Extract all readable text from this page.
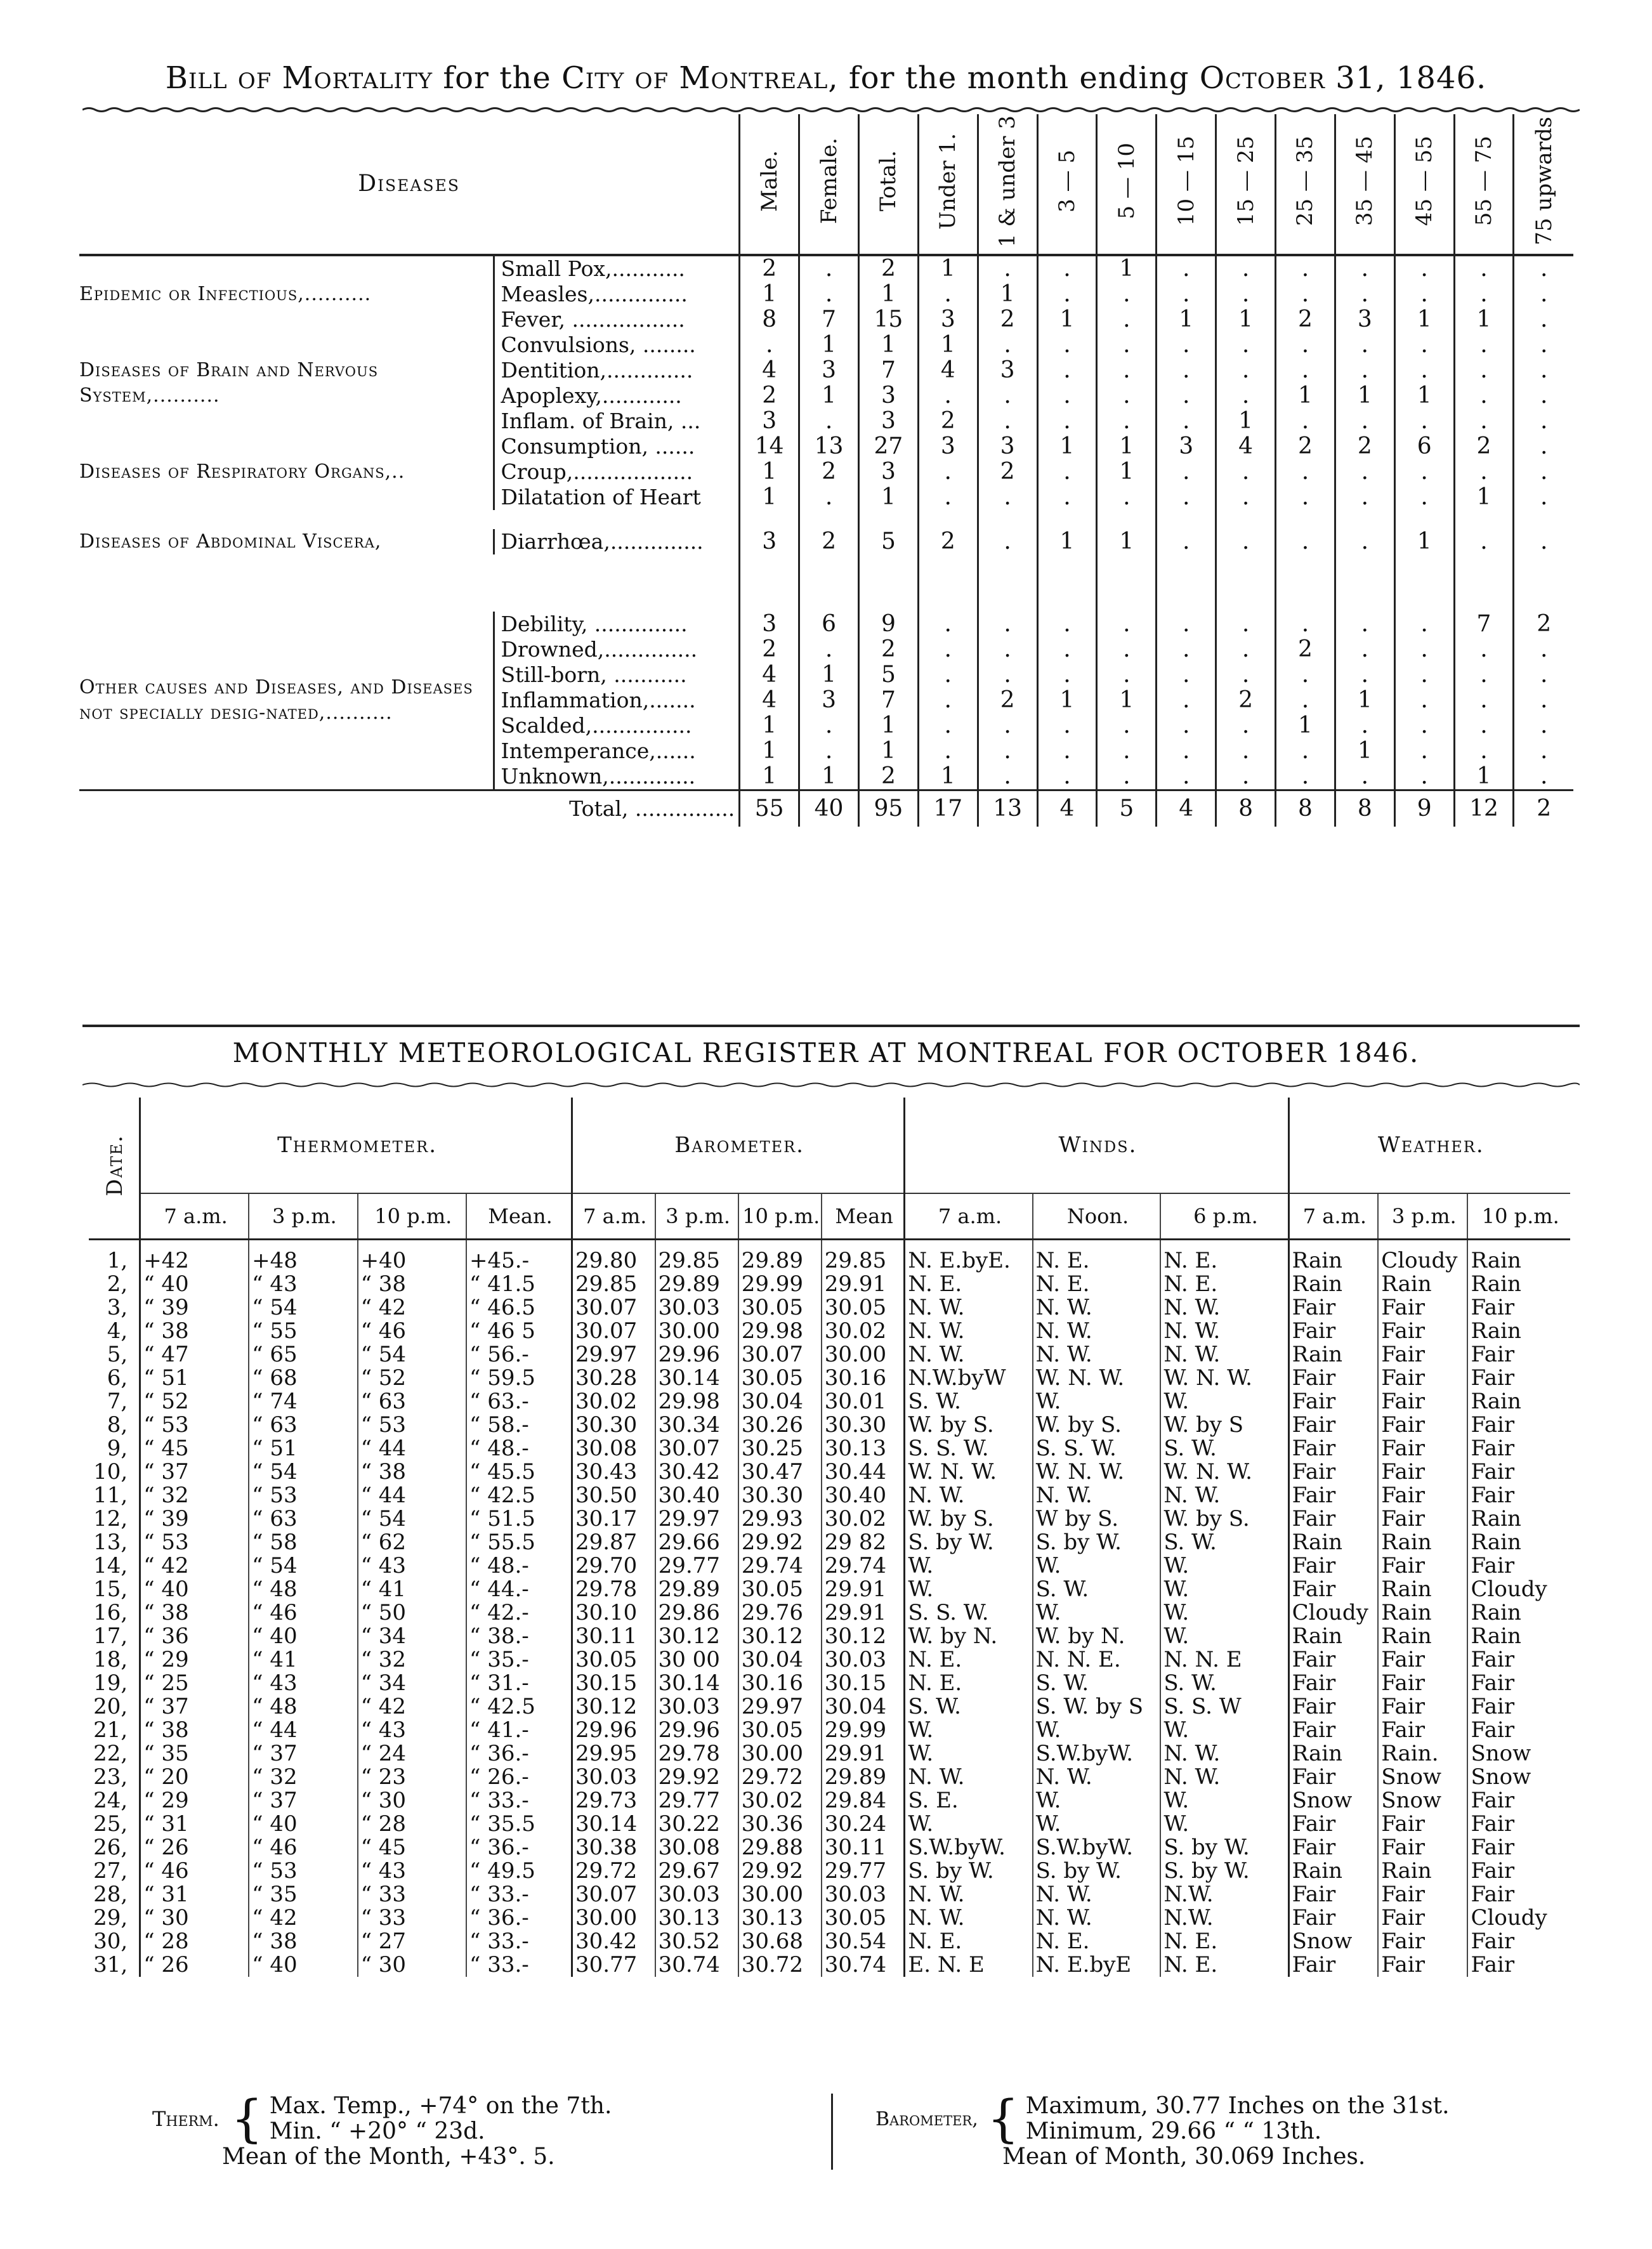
Bill of Mortality for the City of Montreal, for the month ending October 31, 1846.
Diseases		Male.	Female.	Total.	Under 1.	1 & under 3	3 — 5	5 — 10	10 — 15	15 — 25	25 — 35	35 — 45	45 — 55	55 — 75	75 upwards
Epidemic or Infectious,..........	Small Pox,...........	2	.	2	1	.	.	1	.	.	.	.	.	.	.
	Measles,..............	1	.	1	.	1	.	.	.	.	.	.	.	.	.
	Fever, .................	8	7	15	3	2	1	.	1	1	2	3	1	1	.
Diseases of Brain and Nervous System,..........	Convulsions, ........	.	1	1	1	.	.	.	.	.	.	.	.	.	.
	Dentition,.............	4	3	7	4	3	.	.	.	.	.	.	.	.	.
	Apoplexy,............	2	1	3	.	.	.	.	.	.	1	1	1	.	.
	Inflam. of Brain, ...	3	.	3	2	.	.	.	.	1	.	.	.	.	.
Diseases of Respiratory Organs,..	Consumption, ......	14	13	27	3	3	1	1	3	4	2	2	6	2	.
	Croup,..................	1	2	3	.	2	.	1	.	.	.	.	.	.	.
	Dilatation of Heart	1	.	1	.	.	.	.	.	.	.	.	.	1	.

Diseases of Abdominal Viscera,	Diarrhœa,..............	3	2	5	2	.	1	1	.	.	.	.	1	.	.

Other causes and Diseases, and Diseases not specially desig-nated,..........	Debility, ..............	3	6	9	.	.	.	.	.	.	.	.	.	7	2
	Drowned,..............	2	.	2	.	.	.	.	.	.	2	.	.	.	.
	Still-born, ...........	4	1	5	.	.	.	.	.	.	.	.	.	.	.
	Inflammation,.......	4	3	7	.	2	1	1	.	2	.	1	.	.	.
	Scalded,...............	1	.	1	.	.	.	.	.	.	1	.	.	.	.
	Intemperance,......	1	.	1	.	.	.	.	.	.	.	1	.	.	.
	Unknown,.............	1	1	2	1	.	.	.	.	.	.	.	.	1	.
	Total, ...............	55	40	95	17	13	4	5	4	8	8	8	9	12	2
MONTHLY METEOROLOGICAL REGISTER AT MONTREAL FOR OCTOBER 1846.
Date.	Thermometer.				Barometer.				Winds.			Weather.		
	7 a.m.	3 p.m.	10 p.m.	Mean.	7 a.m.	3 p.m.	10 p.m.	Mean	7 a.m.	Noon.	6 p.m.	7 a.m.	3 p.m.	10 p.m.
1,	+42	+48	+40	+45.-	29.80	29.85	29.89	29.85	N. E.byE.	N. E.	N. E.	Rain	Cloudy	Rain
2,	“ 40	“ 43	“ 38	“ 41.5	29.85	29.89	29.99	29.91	N. E.	N. E.	N. E.	Rain	Rain	Rain
3,	“ 39	“ 54	“ 42	“ 46.5	30.07	30.03	30.05	30.05	N. W.	N. W.	N. W.	Fair	Fair	Fair
4,	“ 38	“ 55	“ 46	“ 46 5	30.07	30.00	29.98	30.02	N. W.	N. W.	N. W.	Fair	Fair	Rain
5,	“ 47	“ 65	“ 54	“ 56.-	29.97	29.96	30.07	30.00	N. W.	N. W.	N. W.	Rain	Fair	Fair
6,	“ 51	“ 68	“ 52	“ 59.5	30.28	30.14	30.05	30.16	N.W.byW	W. N. W.	W. N. W.	Fair	Fair	Fair
7,	“ 52	“ 74	“ 63	“ 63.-	30.02	29.98	30.04	30.01	S. W.	W.	W.	Fair	Fair	Rain
8,	“ 53	“ 63	“ 53	“ 58.-	30.30	30.34	30.26	30.30	W. by S.	W. by S.	W. by S	Fair	Fair	Fair
9,	“ 45	“ 51	“ 44	“ 48.-	30.08	30.07	30.25	30.13	S. S. W.	S. S. W.	S. W.	Fair	Fair	Fair
10,	“ 37	“ 54	“ 38	“ 45.5	30.43	30.42	30.47	30.44	W. N. W.	W. N. W.	W. N. W.	Fair	Fair	Fair
11,	“ 32	“ 53	“ 44	“ 42.5	30.50	30.40	30.30	30.40	N. W.	N. W.	N. W.	Fair	Fair	Fair
12,	“ 39	“ 63	“ 54	“ 51.5	30.17	29.97	29.93	30.02	W. by S.	W by S.	W. by S.	Fair	Fair	Rain
13,	“ 53	“ 58	“ 62	“ 55.5	29.87	29.66	29.92	29 82	S. by W.	S. by W.	S. W.	Rain	Rain	Rain
14,	“ 42	“ 54	“ 43	“ 48.-	29.70	29.77	29.74	29.74	W.	W.	W.	Fair	Fair	Fair
15,	“ 40	“ 48	“ 41	“ 44.-	29.78	29.89	30.05	29.91	W.	S. W.	W.	Fair	Rain	Cloudy
16,	“ 38	“ 46	“ 50	“ 42.-	30.10	29.86	29.76	29.91	S. S. W.	W.	W.	Cloudy	Rain	Rain
17,	“ 36	“ 40	“ 34	“ 38.-	30.11	30.12	30.12	30.12	W. by N.	W. by N.	W.	Rain	Rain	Rain
18,	“ 29	“ 41	“ 32	“ 35.-	30.05	30 00	30.04	30.03	N. E.	N. N. E.	N. N. E	Fair	Fair	Fair
19,	“ 25	“ 43	“ 34	“ 31.-	30.15	30.14	30.16	30.15	N. E.	S. W.	S. W.	Fair	Fair	Fair
20,	“ 37	“ 48	“ 42	“ 42.5	30.12	30.03	29.97	30.04	S. W.	S. W. by S	S. S. W	Fair	Fair	Fair
21,	“ 38	“ 44	“ 43	“ 41.-	29.96	29.96	30.05	29.99	W.	W.	W.	Fair	Fair	Fair
22,	“ 35	“ 37	“ 24	“ 36.-	29.95	29.78	30.00	29.91	W.	S.W.byW.	N. W.	Rain	Rain.	Snow
23,	“ 20	“ 32	“ 23	“ 26.-	30.03	29.92	29.72	29.89	N. W.	N. W.	N. W.	Fair	Snow	Snow
24,	“ 29	“ 37	“ 30	“ 33.-	29.73	29.77	30.02	29.84	S. E.	W.	W.	Snow	Snow	Fair
25,	“ 31	“ 40	“ 28	“ 35.5	30.14	30.22	30.36	30.24	W.	W.	W.	Fair	Fair	Fair
26,	“ 26	“ 46	“ 45	“ 36.-	30.38	30.08	29.88	30.11	S.W.byW.	S.W.byW.	S. by W.	Fair	Fair	Fair
27,	“ 46	“ 53	“ 43	“ 49.5	29.72	29.67	29.92	29.77	S. by W.	S. by W.	S. by W.	Rain	Rain	Fair
28,	“ 31	“ 35	“ 33	“ 33.-	30.07	30.03	30.00	30.03	N. W.	N. W.	N.W.	Fair	Fair	Fair
29,	“ 30	“ 42	“ 33	“ 36.-	30.00	30.13	30.13	30.05	N. W.	N. W.	N.W.	Fair	Fair	Cloudy
30,	“ 28	“ 38	“ 27	“ 33.-	30.42	30.52	30.68	30.54	N. E.	N. E.	N. E.	Snow	Fair	Fair
31,	“ 26	“ 40	“ 30	“ 33.-	30.77	30.74	30.72	30.74	E. N. E	N. E.byE	N. E.	Fair	Fair	Fair
Therm. { Max. Temp., +74° on the 7th.
Min. “ +20° “ 23d.
Mean of the Month, +43°. 5.
Barometer, { Maximum, 30.77 Inches on the 31st.
Minimum, 29.66 “ “ 13th.
Mean of Month, 30.069 Inches.
